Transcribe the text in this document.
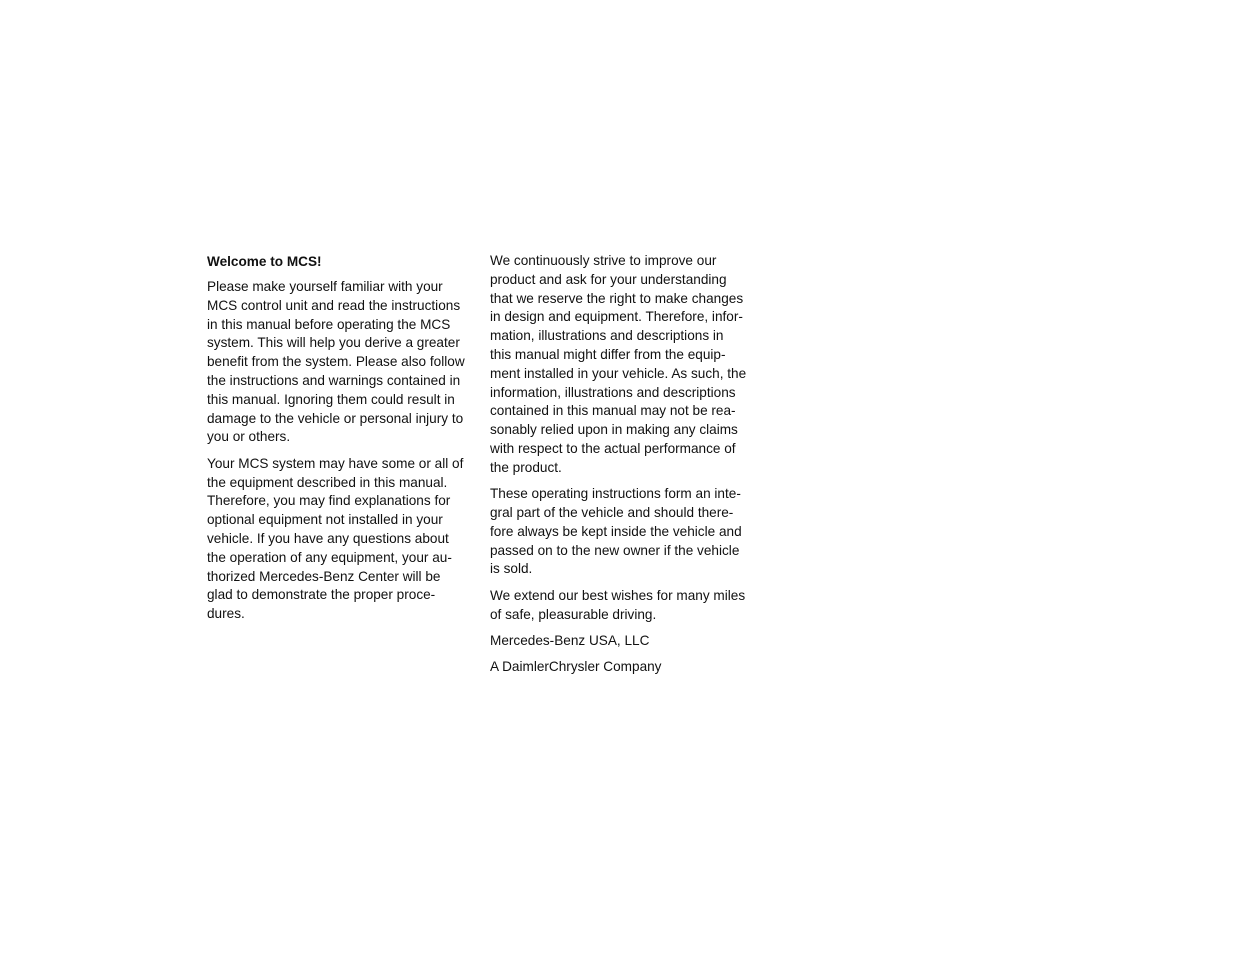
Welcome to MCS!
Please make yourself familiar with your
MCS control unit and read the instructions
in this manual before operating the MCS
system. This will help you derive a greater
benefit from the system. Please also follow
the instructions and warnings contained in
this manual. Ignoring them could result in
damage to the vehicle or personal injury to
you or others.
Your MCS system may have some or all of
the equipment described in this manual.
Therefore, you may find explanations for
optional equipment not installed in your
vehicle. If you have any questions about
the operation of any equipment, your au-
thorized Mercedes-Benz Center will be
glad to demonstrate the proper proce-
dures.
We continuously strive to improve our
product and ask for your understanding
that we reserve the right to make changes
in design and equipment. Therefore, infor-
mation, illustrations and descriptions in
this manual might differ from the equip-
ment installed in your vehicle. As such, the
information, illustrations and descriptions
contained in this manual may not be rea-
sonably relied upon in making any claims
with respect to the actual performance of
the product.
These operating instructions form an inte-
gral part of the vehicle and should there-
fore always be kept inside the vehicle and
passed on to the new owner if the vehicle
is sold.
We extend our best wishes for many miles
of safe, pleasurable driving.
Mercedes-Benz USA, LLC
A DaimlerChrysler Company
